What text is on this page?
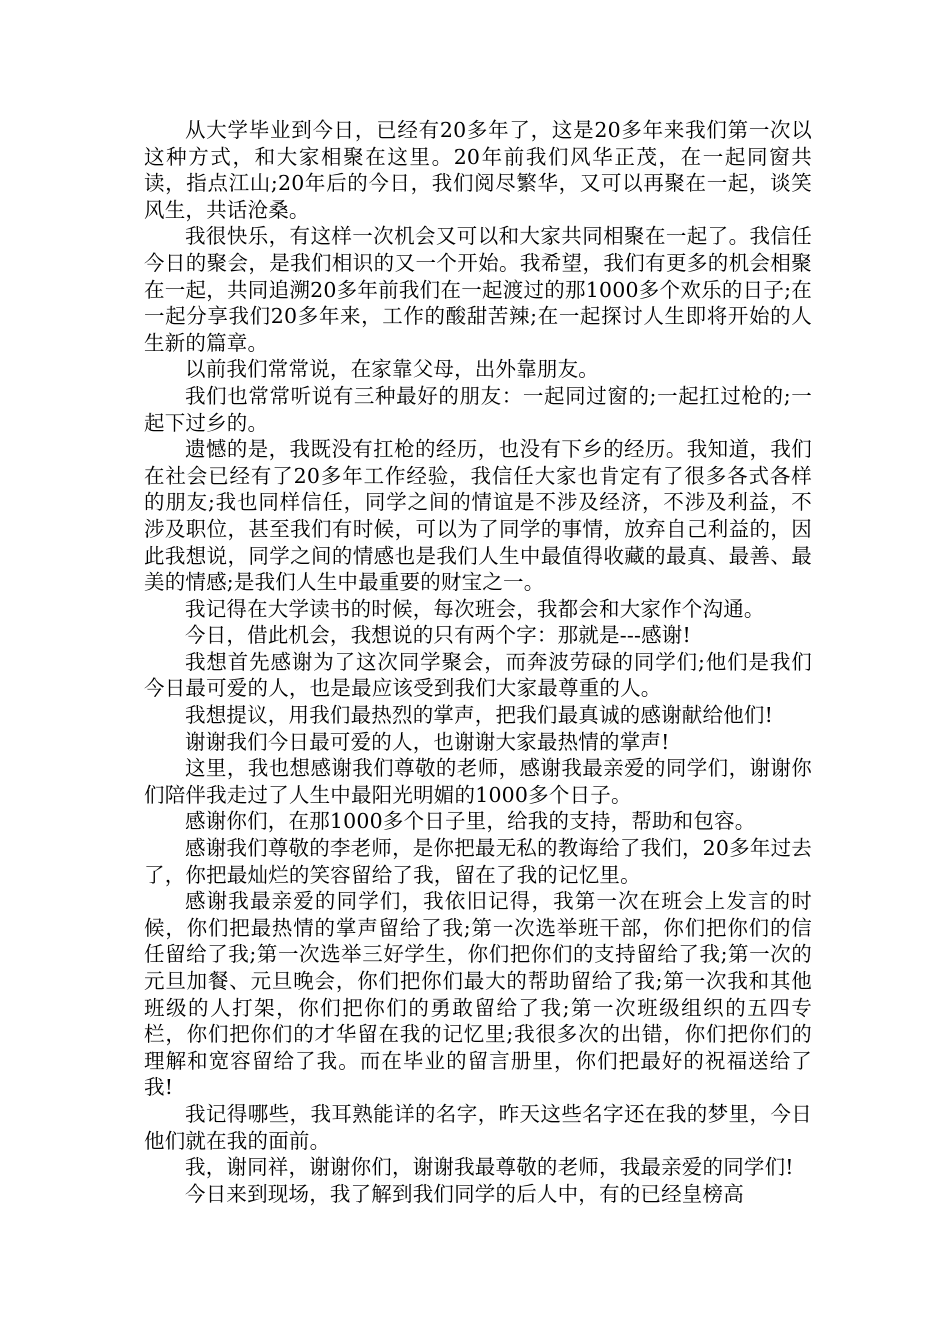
从大学毕业到今日，已经有20多年了，这是20多年来我们第一次以这种方式，和大家相聚在这里。20年前我们风华正茂，在一起同窗共读，指点江山;20年后的今日，我们阅尽繁华，又可以再聚在一起，谈笑风生，共话沧桑。

我很快乐，有这样一次机会又可以和大家共同相聚在一起了。我信任今日的聚会，是我们相识的又一个开始。我希望，我们有更多的机会相聚在一起，共同追溯20多年前我们在一起渡过的那1000多个欢乐的日子;在一起分享我们20多年来，工作的酸甜苦辣;在一起探讨人生即将开始的人生新的篇章。

以前我们常常说，在家靠父母，出外靠朋友。

我们也常常听说有三种最好的朋友：一起同过窗的;一起扛过枪的;一起下过乡的。

遗憾的是，我既没有扛枪的经历，也没有下乡的经历。我知道，我们在社会已经有了20多年工作经验，我信任大家也肯定有了很多各式各样的朋友;我也同样信任，同学之间的情谊是不涉及经济，不涉及利益，不涉及职位，甚至我们有时候，可以为了同学的事情，放弃自己利益的，因此我想说，同学之间的情感也是我们人生中最值得收藏的最真、最善、最美的情感;是我们人生中最重要的财宝之一。

我记得在大学读书的时候，每次班会，我都会和大家作个沟通。

今日，借此机会，我想说的只有两个字：那就是---感谢!

我想首先感谢为了这次同学聚会，而奔波劳碌的同学们;他们是我们今日最可爱的人，也是最应该受到我们大家最尊重的人。

我想提议，用我们最热烈的掌声，把我们最真诚的感谢献给他们!

谢谢我们今日最可爱的人，也谢谢大家最热情的掌声!

这里，我也想感谢我们尊敬的老师，感谢我最亲爱的同学们，谢谢你们陪伴我走过了人生中最阳光明媚的1000多个日子。

感谢你们，在那1000多个日子里，给我的支持，帮助和包容。

感谢我们尊敬的李老师，是你把最无私的教诲给了我们，20多年过去了，你把最灿烂的笑容留给了我，留在了我的记忆里。

感谢我最亲爱的同学们，我依旧记得，我第一次在班会上发言的时候，你们把最热情的掌声留给了我;第一次选举班干部，你们把你们的信任留给了我;第一次选举三好学生，你们把你们的支持留给了我;第一次的元旦加餐、元旦晚会，你们把你们最大的帮助留给了我;第一次我和其他班级的人打架，你们把你们的勇敢留给了我;第一次班级组织的五四专栏，你们把你们的才华留在我的记忆里;我很多次的出错，你们把你们的理解和宽容留给了我。而在毕业的留言册里，你们把最好的祝福送给了我!

我记得哪些，我耳熟能详的名字，昨天这些名字还在我的梦里，今日他们就在我的面前。

我，谢同祥，谢谢你们，谢谢我最尊敬的老师，我最亲爱的同学们!

今日来到现场，我了解到我们同学的后人中，有的已经皇榜高
